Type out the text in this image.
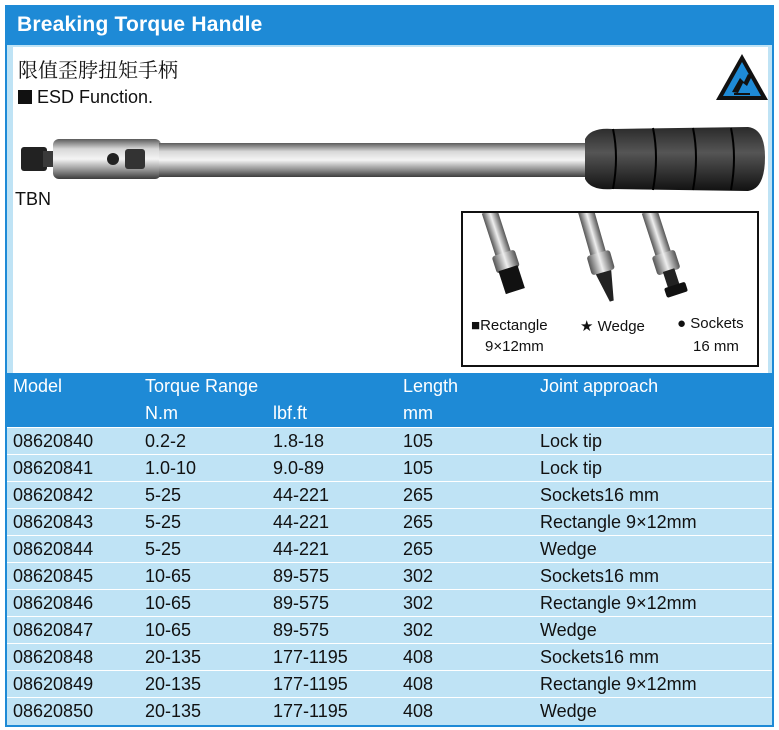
Breaking Torque Handle
限值歪脖扭矩手柄
ESD Function.
TBN
■Rectangle
9×12mm
★ Wedge ● Sockets
16 mm
Model	Torque Range		Length	Joint approach
	N.m	lbf.ft	mm	
08620840	0.2-2	1.8-18	105	Lock tip
08620841	1.0-10	9.0-89	105	Lock tip
08620842	5-25	44-221	265	Sockets16 mm
08620843	5-25	44-221	265	Rectangle 9×12mm
08620844	5-25	44-221	265	Wedge
08620845	10-65	89-575	302	Sockets16 mm
08620846	10-65	89-575	302	Rectangle 9×12mm
08620847	10-65	89-575	302	Wedge
08620848	20-135	177-1195	408	Sockets16 mm
08620849	20-135	177-1195	408	Rectangle 9×12mm
08620850	20-135	177-1195	408	Wedge
